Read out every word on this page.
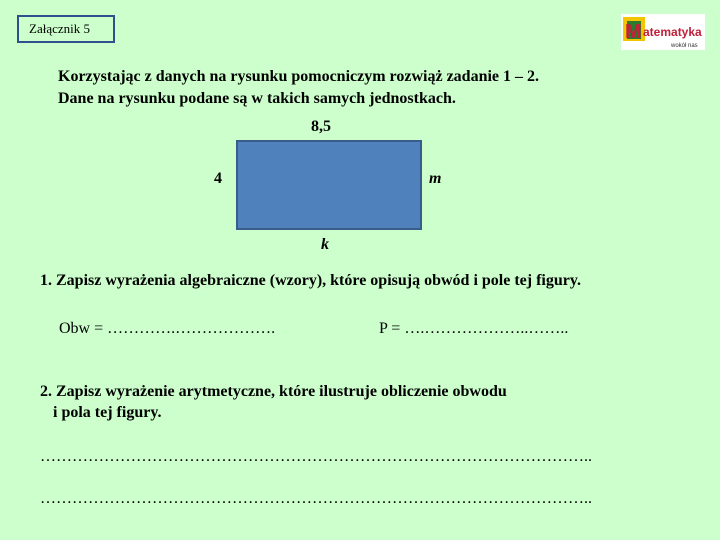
Załącznik 5	M atematyka
wokół nas
Korzystając z danych na rysunku pomocniczym rozwiąż zadanie 1 – 2.
Dane na rysunku podane są w takich samych jednostkach.
8,5
4	m
k
1. Zapisz wyrażenia algebraiczne (wzory), które opisują obwód i pole tej figury.
Obw = ………….……………….	P = ….………………..……..
2. Zapisz wyrażenie arytmetyczne, które ilustruje obliczenie obwodu
i pola tej figury.
…………………………………………………………………………………………..
…………………………………………………………………………………………..
